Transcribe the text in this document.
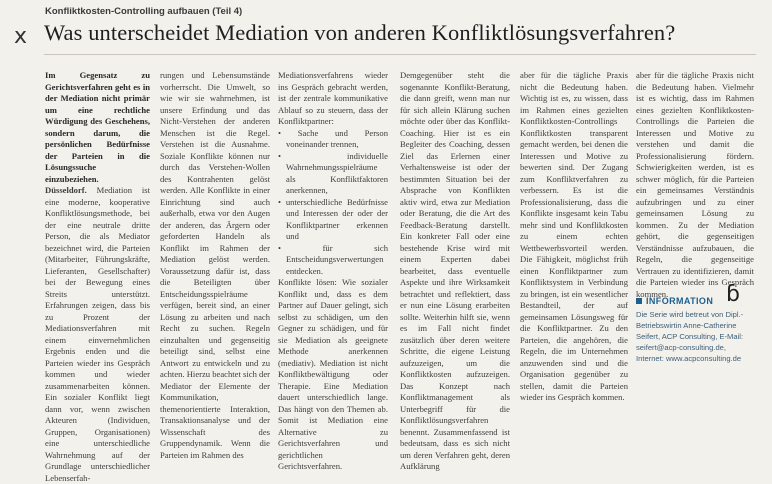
Konfliktkosten-Controlling aufbauen (Teil 4)
ⅹ Was unterscheidet Mediation von anderen Konfliktlösungsverfahren?

Im Gegensatz zu Gerichtsverfahren geht es in der Mediation nicht primär um eine rechtliche Würdigung des Geschehens, sondern darum, die persönlichen Bedürfnisse der Parteien in die Lösungssuche einzubeziehen.

Düsseldorf. Mediation ist eine moderne, kooperative Konfliktlösungsmethode, bei der eine neutrale dritte Person, die als Mediator bezeichnet wird, die Parteien (Mitarbeiter, Führungskräfte, Lieferanten, Gesellschafter) bei der Bewegung eines Streits unterstützt. Erfahrungen zeigen, dass bis zu Prozent der Mediationsverfahren mit einem einvernehmlichen Ergebnis enden und die Parteien wieder ins Gespräch kommen und wieder zusammenarbeiten können. Ein sozialer Konflikt liegt dann vor, wenn zwischen Akteuren (Individuen, Gruppen, Organisationen) eine unterschiedliche Wahrnehmung auf der Grundlage unterschiedlicher Lebenserfah-

rungen und Lebensumstände vorherrscht. Die Umwelt, so wie wir sie wahrnehmen, ist unsere Erfindung und das Nicht-Verstehen der anderen Menschen ist die Regel. Verstehen ist die Ausnahme. Soziale Konflikte können nur durch das Verstehen-Wollen des Kontrahenten gelöst werden. Alle Konflikte in einer Einrichtung sind auch außerhalb, etwa vor den Augen der anderen, das Ärgern oder geforderten Handeln als Konflikt im Rahmen der Mediation gelöst werden. Voraussetzung dafür ist, dass die Beteiligten über Entscheidungsspielräume verfügen, bereit sind, an einer Lösung zu arbeiten und nach Recht zu suchen. Regeln einzuhalten und gegenseitig beteiligt sind, selbst eine Antwort zu entwickeln und zu achten. Hierzu beachtet sich der Mediator der Elemente der Kommunikation, themenorientierte Interaktion, Transaktionsanalyse und der Wissenschaft des Gruppendynamik. Wenn die Parteien im Rahmen des

Mediationsverfahrens wieder ins Gespräch gebracht werden, ist der zentrale kommunikative Ablauf so zu steuern, dass der Konfliktpartner:

• Sache und Person voneinander trennen,
• individuelle Wahrnehmungsspielräume als Konfliktfaktoren anerkennen,
• unterschiedliche Bedürfnisse und Interessen der oder der Konfliktpartner erkennen und
• für sich Entscheidungsverwertungen entdecken.

Konflikte lösen: Wie sozialer Konflikt und, dass es dem Partner auf Dauer gelingt, sich selbst zu schädigen, um den Gegner zu schädigen, und für sie Mediation als geeignete Methode anerkennen (mediativ). Mediation ist nicht Konfliktbewältigung oder Therapie. Eine Mediation dauert unterschiedlich lange. Das hängt von den Themen ab. Somit ist Mediation eine Alternative zu Gerichtsverfahren und gerichtlichen Gerichtsverfahren.

Demgegenüber steht die sogenannte Konflikt-Beratung, die dann greift, wenn man nur für sich allein Klärung suchen möchte oder über das Konflikt-Coaching. Hier ist es ein Begleiter des Coaching, dessen Ziel das Erlernen einer Verhaltensweise ist oder der bestimmten Situation bei der Absprache von Konflikten aktiv wird, etwa zur Mediation oder Beratung, die die Art des Feedback-Beratung darstellt. Ein konkreter Fall oder eine bestehende Krise wird mit einem Experten dabei bearbeitet, dass eventuelle Aspekte und ihre Wirksamkeit betrachtet und reflektiert, dass er nun eine Lösung erarbeiten sollte. Weiterhin hilft sie, wenn es im Fall nicht findet zusätzlich über deren weitere Schritte, die eigene Leistung aufzuzeigen, um die Konfliktkosten aufzuzeigen. Das Konzept nach Konfliktmanagement als Unterbegriff für die Konfliktlösungsverfahren benennt. Zusammenfassend ist bedeutsam, dass es sich nicht um deren Verfahren geht, deren Aufklärung

aber für die tägliche Praxis nicht die Bedeutung haben. Wichtig ist es, zu wissen, dass im Rahmen eines gezielten Konfliktkosten-Controllings Konfliktkosten transparent gemacht werden, bei denen die Interessen und Motive zu bewerten sind. Der Zugang zum Konfliktverfahren zu verbessern. Es ist die Professionalisierung, dass die Konflikte insgesamt kein Tabu mehr sind und Konfliktkosten zu einem echten Wettbewerbsvorteil werden. Die Fähigkeit, möglichst früh einen Konfliktpartner zum Konfliktsystem in Verbindung zu bringen, ist ein wesentlicher Bestandteil, der auf gemeinsamen Lösungsweg für die Konfliktpartner. Zu den Parteien, die angehören, die Regeln, die im Unternehmen anzuwenden sind und die Organisation gegenüber zu stellen, damit die Parteien wieder ins Gespräch kommen.

aber für die tägliche Praxis nicht die Bedeutung haben. Vielmehr ist es wichtig, dass im Rahmen eines gezielten Konfliktkosten-Controllings die Parteien die Interessen und Motive zu verstehen und damit die Professionalisierung fördern. Schwierigkeiten werden, ist es schwer möglich, für die Parteien ein gemeinsames Verständnis aufzubringen und zu einer gemeinsamen Lösung zu kommen. Zu der Mediation gehört, die gegenseitigen Verständnisse aufzubauen, die Regeln, die gegenseitige Vertrauen zu identifizieren, damit die Parteien wieder ins Gespräch kommen.	ɓ
INFORMATION
Die Serie wird betreut von Dipl.-Betriebswirtin Anne-Catherine Seifert, ACP Consulting, E-Mail: seifert@acp-consulting.de, Internet: www.acpconsulting.de
